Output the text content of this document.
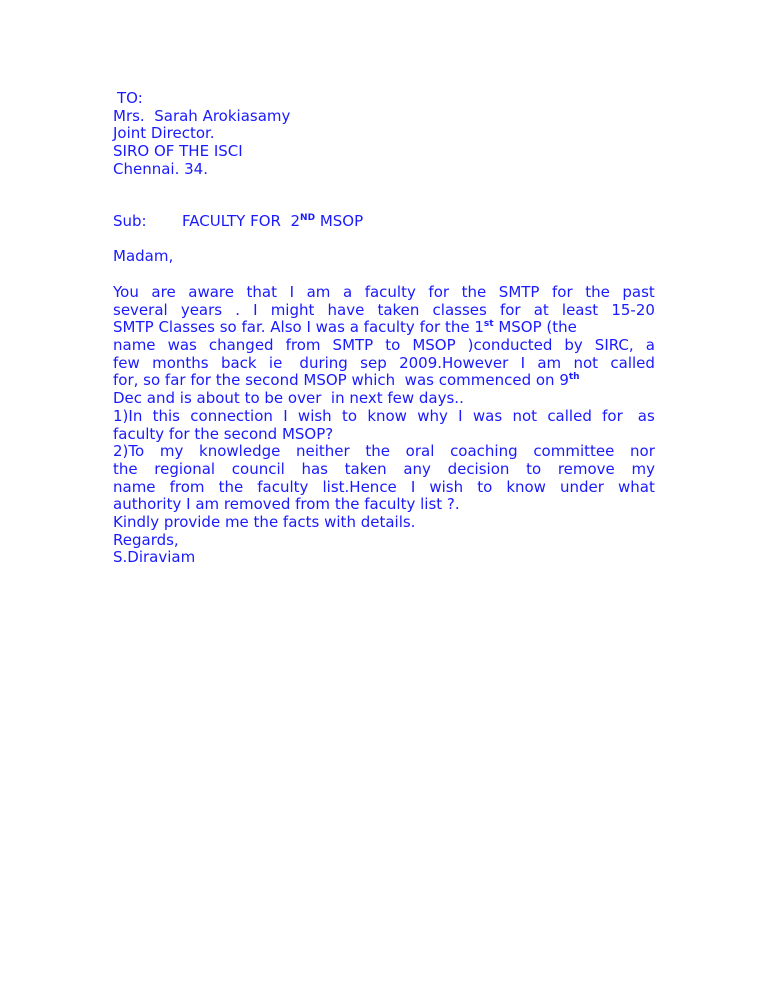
TO:
Mrs.  Sarah Arokiasamy
Joint Director.
SIRO OF THE ISCI
Chennai. 34.
Sub: FACULTY FOR  2ND MSOP
Madam,
You are aware that I am a faculty for the SMTP for the past
several years . I might have taken classes for at least 15-20
SMTP Classes so far. Also I was a faculty for the 1st MSOP (the
name was changed from SMTP to MSOP )conducted by SIRC, a
few months back ie during sep 2009.However I am not called
for, so far for the second MSOP which  was commenced on 9th
Dec and is about to be over  in next few days..
1)In this connection I wish to know why I was not called for as
faculty for the second MSOP?
2)To my knowledge neither the oral coaching committee nor
the regional council has taken any decision to remove my
name from the faculty list.Hence I wish to know under what
authority I am removed from the faculty list ?.
Kindly provide me the facts with details.
Regards,
S.Diraviam
